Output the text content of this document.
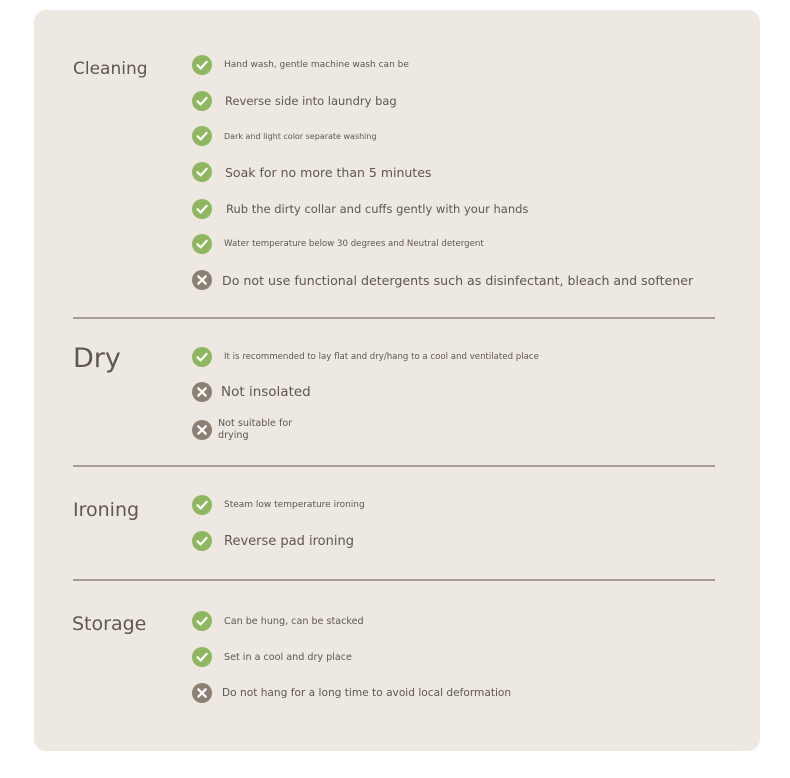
Cleaning	Hand wash, gentle machine wash can be
Reverse side into laundry bag
Dark and light color separate washing
Soak for no more than 5 minutes
Rub the dirty collar and cuffs gently with your hands
Water temperature below 30 degrees and Neutral detergent
Do not use functional detergents such as disinfectant, bleach and softener
Dry	It is recommended to lay flat and dry/hang to a cool and ventilated place
Not insolated
Not suitable for
drying
Ironing	Steam low temperature ironing
Reverse pad ironing
Storage	Can be hung, can be stacked
Set in a cool and dry place
Do not hang for a long time to avoid local deformation
